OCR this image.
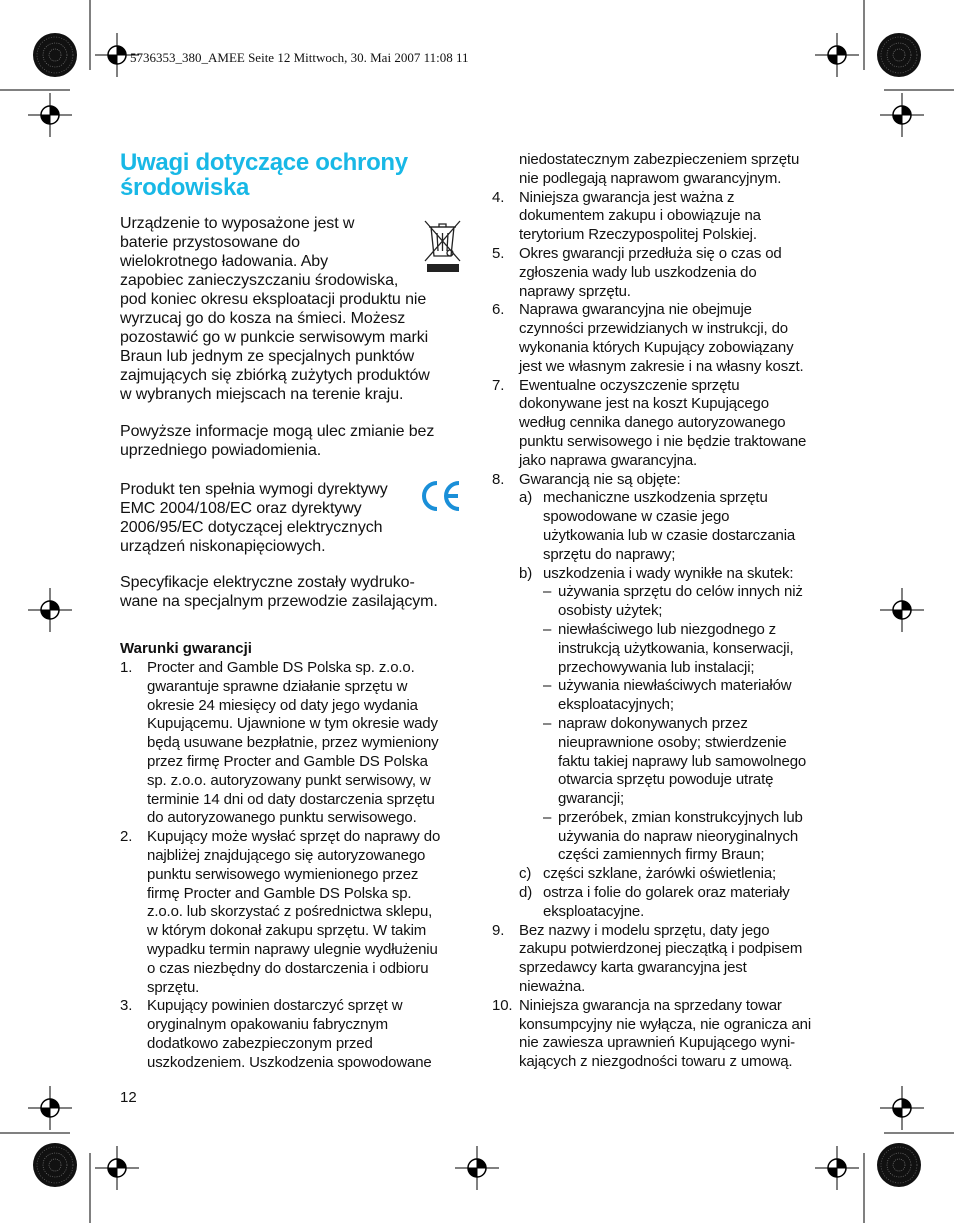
5736353_380_AMEE Seite 12 Mittwoch, 30. Mai 2007 11:08 11
Uwagi dotyczące ochrony
środowiska

Urządzenie to wyposażone jest w
baterie przystosowane do
wielokrotnego ładowania. Aby
zapobiec zanieczyszczaniu środowiska,
pod koniec okresu eksploatacji produktu nie
wyrzucaj go do kosza na śmieci. Możesz
pozostawić go w punkcie serwisowym marki
Braun lub jednym ze specjalnych punktów
zajmujących się zbiórką zużytych produktów
w wybranych miejscach na terenie kraju.

Powyższe informacje mogą ulec zmianie bez
uprzedniego powiadomienia.

Produkt ten spełnia wymogi dyrektywy
EMC 2004/108/EC oraz dyrektywy
2006/95/EC dotyczącej elektrycznych
urządzeń niskonapięciowych.

Specyfikacje elektryczne zostały wydruko-
wane na specjalnym przewodzie zasilającym.

Warunki gwarancji
1. Procter and Gamble DS Polska sp. z.o.o.
gwarantuje sprawne działanie sprzętu w
okresie 24 miesięcy od daty jego wydania
Kupującemu. Ujawnione w tym okresie wady
będą usuwane bezpłatnie, przez wymieniony
przez firmę Procter and Gamble DS Polska
sp. z.o.o. autoryzowany punkt serwisowy, w
terminie 14 dni od daty dostarczenia sprzętu
do autoryzowanego punktu serwisowego.
2. Kupujący może wysłać sprzęt do naprawy do
najbliżej znajdującego się autoryzowanego
punktu serwisowego wymienionego przez
firmę Procter and Gamble DS Polska sp.
z.o.o. lub skorzystać z pośrednictwa sklepu,
w którym dokonał zakupu sprzętu. W takim
wypadku termin naprawy ulegnie wydłużeniu
o czas niezbędny do dostarczenia i odbioru
sprzętu.
3. Kupujący powinien dostarczyć sprzęt w
oryginalnym opakowaniu fabrycznym
dodatkowo zabezpieczonym przed
uszkodzeniem. Uszkodzenia spowodowane
niedostatecznym zabezpieczeniem sprzętu
nie podlegają naprawom gwarancyjnym.
4. Niniejsza gwarancja jest ważna z
dokumentem zakupu i obowiązuje na
terytorium Rzeczypospolitej Polskiej.
5. Okres gwarancji przedłuża się o czas od
zgłoszenia wady lub uszkodzenia do
naprawy sprzętu.
6. Naprawa gwarancyjna nie obejmuje
czynności przewidzianych w instrukcji, do
wykonania których Kupujący zobowiązany
jest we własnym zakresie i na własny koszt.
7. Ewentualne oczyszczenie sprzętu
dokonywane jest na koszt Kupującego
według cennika danego autoryzowanego
punktu serwisowego i nie będzie traktowane
jako naprawa gwarancyjna.
8. Gwarancją nie są objęte:
a) mechaniczne uszkodzenia sprzętu
spowodowane w czasie jego
użytkowania lub w czasie dostarczania
sprzętu do naprawy;
b) uszkodzenia i wady wynikłe na skutek:
– używania sprzętu do celów innych niż
osobisty użytek;
– niewłaściwego lub niezgodnego z
instrukcją użytkowania, konserwacji,
przechowywania lub instalacji;
– używania niewłaściwych materiałów
eksploatacyjnych;
– napraw dokonywanych przez
nieuprawnione osoby; stwierdzenie
faktu takiej naprawy lub samowolnego
otwarcia sprzętu powoduje utratę
gwarancji;
– przeróbek, zmian konstrukcyjnych lub
używania do napraw nieoryginalnych
części zamiennych firmy Braun;
c) części szklane, żarówki oświetlenia;
d) ostrza i folie do golarek oraz materiały
eksploatacyjne.
9. Bez nazwy i modelu sprzętu, daty jego
zakupu potwierdzonej pieczątką i podpisem
sprzedawcy karta gwarancyjna jest
nieważna.
10. Niniejsza gwarancja na sprzedany towar
konsumpcyjny nie wyłącza, nie ogranicza ani
nie zawiesza uprawnień Kupującego wyni-
kających z niezgodności towaru z umową.
12
